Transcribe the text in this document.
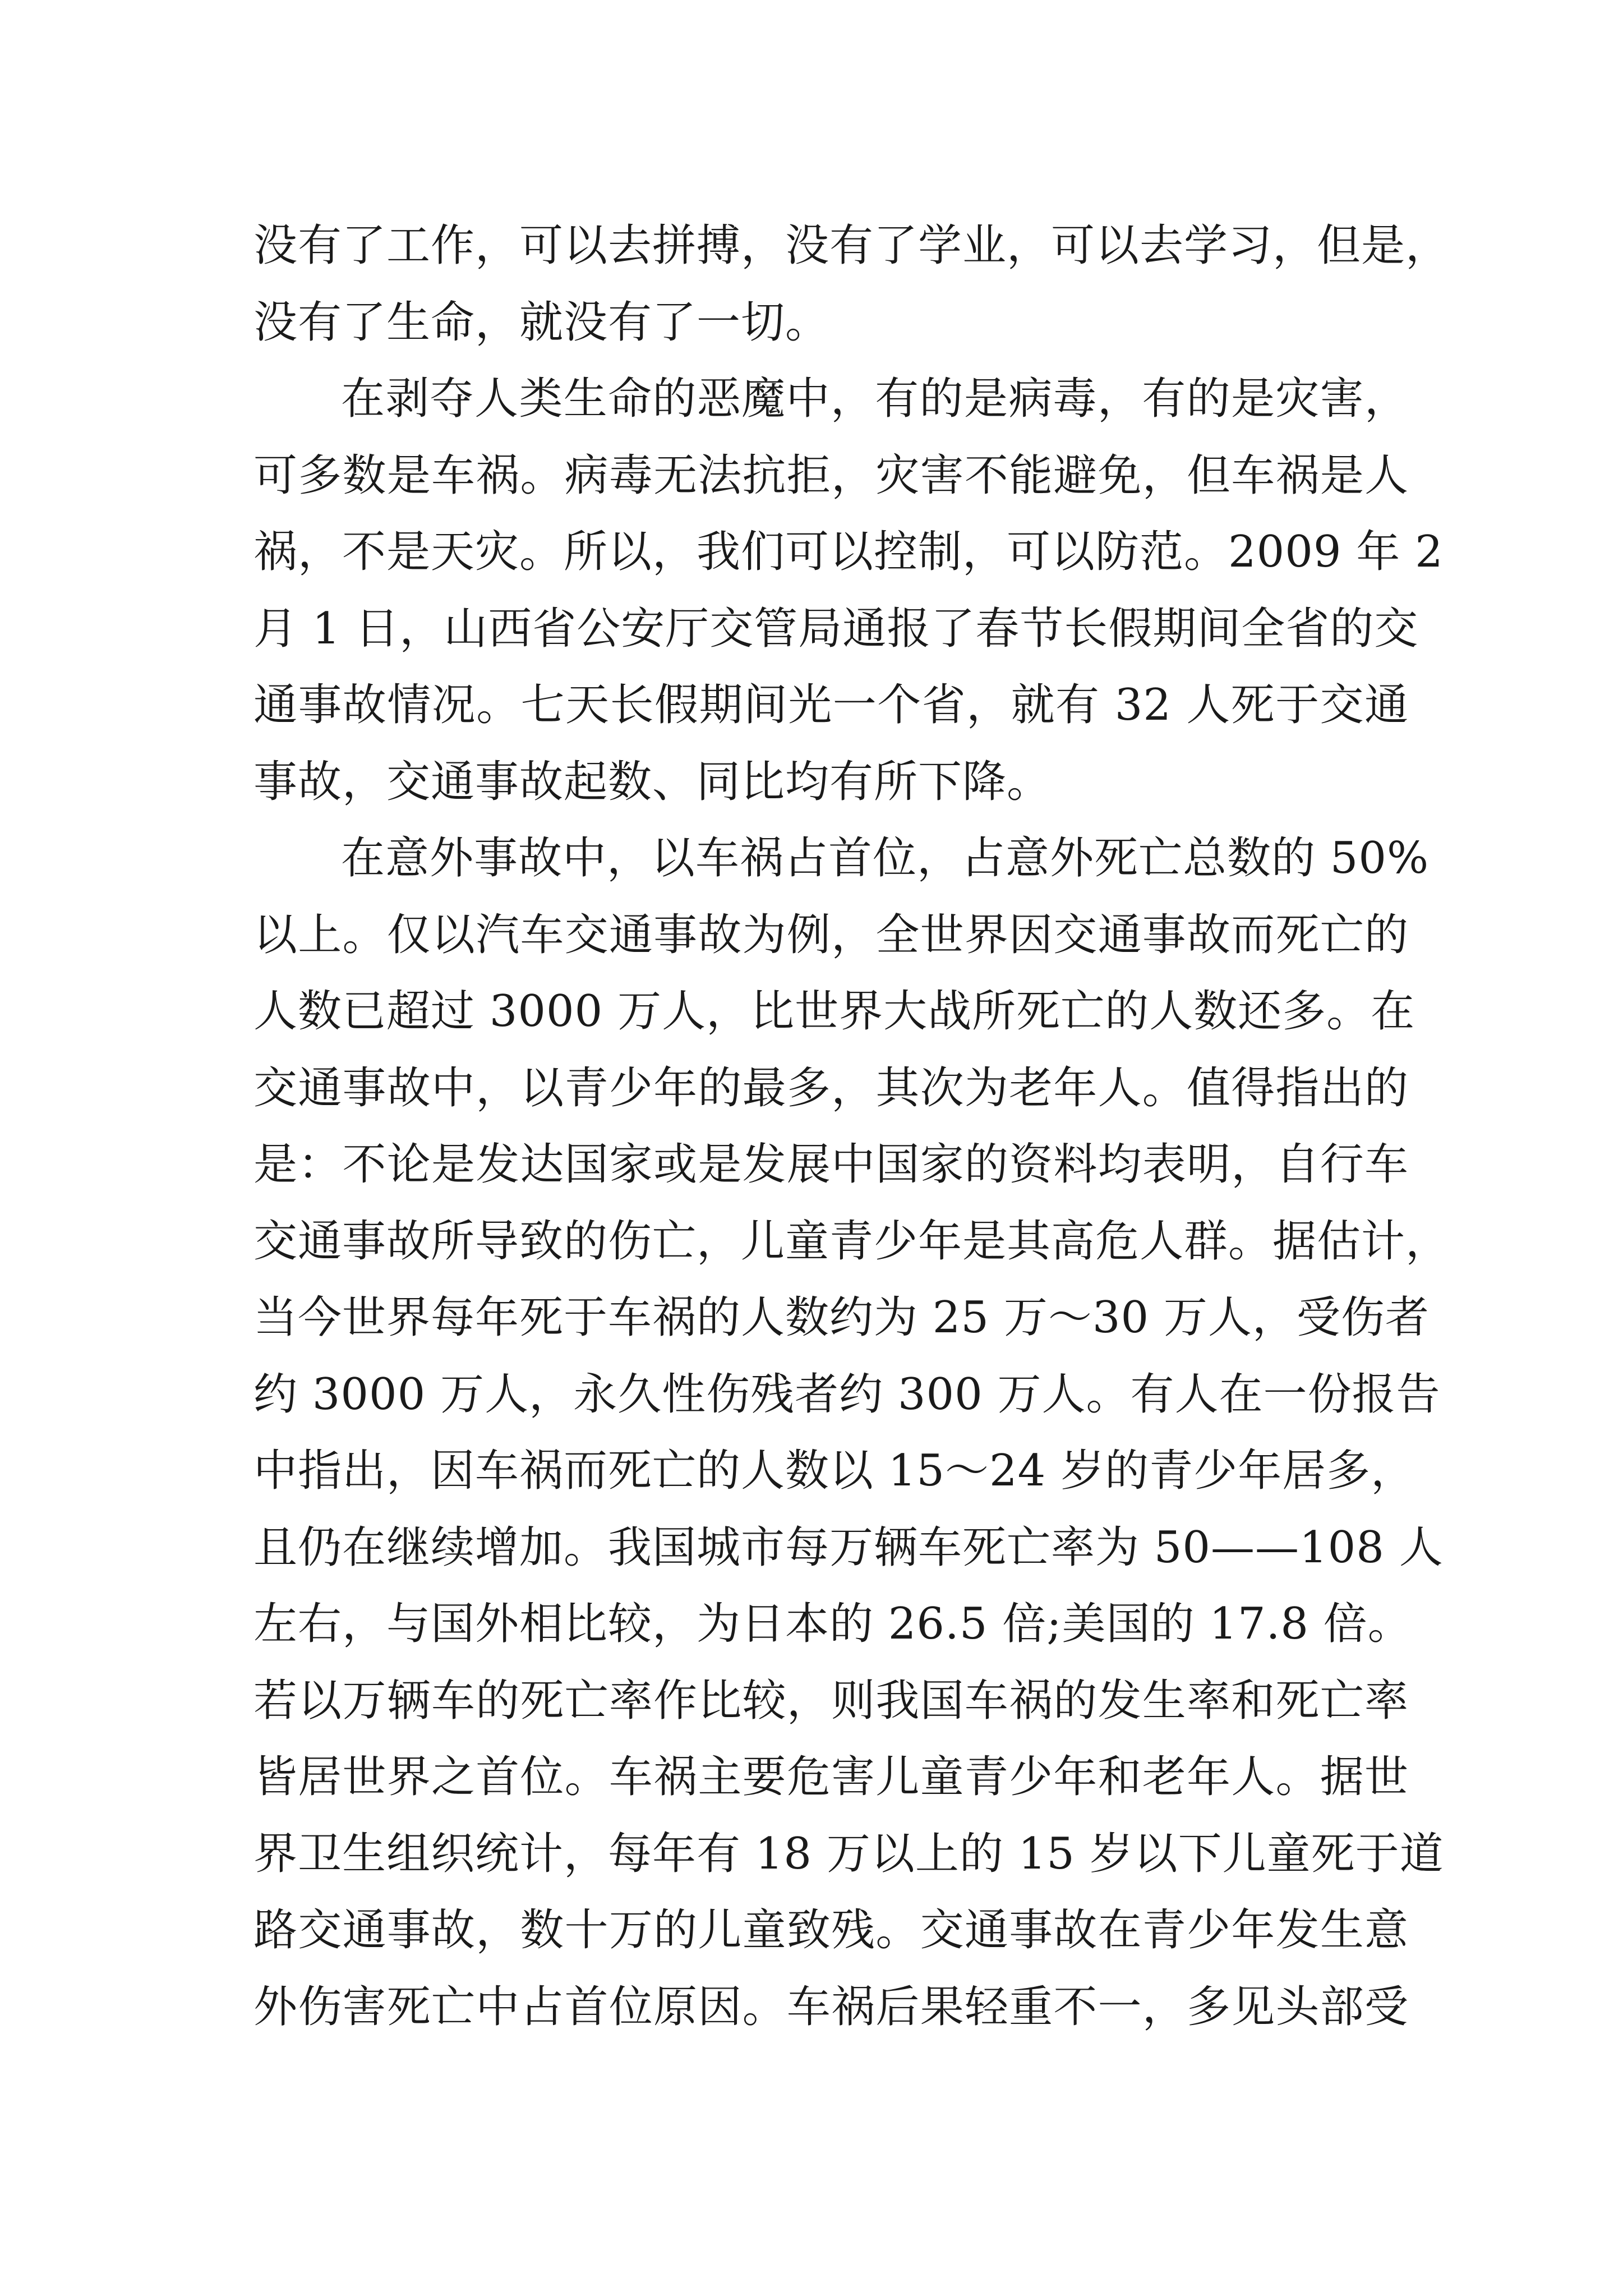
没有了工作，可以去拼搏，没有了学业，可以去学习，但是，
没有了生命，就没有了一切。
在剥夺人类生命的恶魔中，有的是病毒，有的是灾害，
可多数是车祸。病毒无法抗拒，灾害不能避免，但车祸是人
祸，不是天灾。所以，我们可以控制，可以防范。2009 年 2
月 1 日，山西省公安厅交管局通报了春节长假期间全省的交
通事故情况。七天长假期间光一个省，就有 32 人死于交通
事故，交通事故起数、同比均有所下降。
在意外事故中，以车祸占首位，占意外死亡总数的 50%
以上。仅以汽车交通事故为例，全世界因交通事故而死亡的
人数已超过 3000 万人，比世界大战所死亡的人数还多。在
交通事故中，以青少年的最多，其次为老年人。值得指出的
是：不论是发达国家或是发展中国家的资料均表明，自行车
交通事故所导致的伤亡，儿童青少年是其高危人群。据估计，
当今世界每年死于车祸的人数约为 25 万～30 万人，受伤者
约 3000 万人，永久性伤残者约 300 万人。有人在一份报告
中指出，因车祸而死亡的人数以 15～24 岁的青少年居多，
且仍在继续增加。我国城市每万辆车死亡率为 50——108 人
左右，与国外相比较，为日本的 26.5 倍;美国的 17.8 倍。
若以万辆车的死亡率作比较，则我国车祸的发生率和死亡率
皆居世界之首位。车祸主要危害儿童青少年和老年人。据世
界卫生组织统计，每年有 18 万以上的 15 岁以下儿童死于道
路交通事故，数十万的儿童致残。交通事故在青少年发生意
外伤害死亡中占首位原因。车祸后果轻重不一，多见头部受
